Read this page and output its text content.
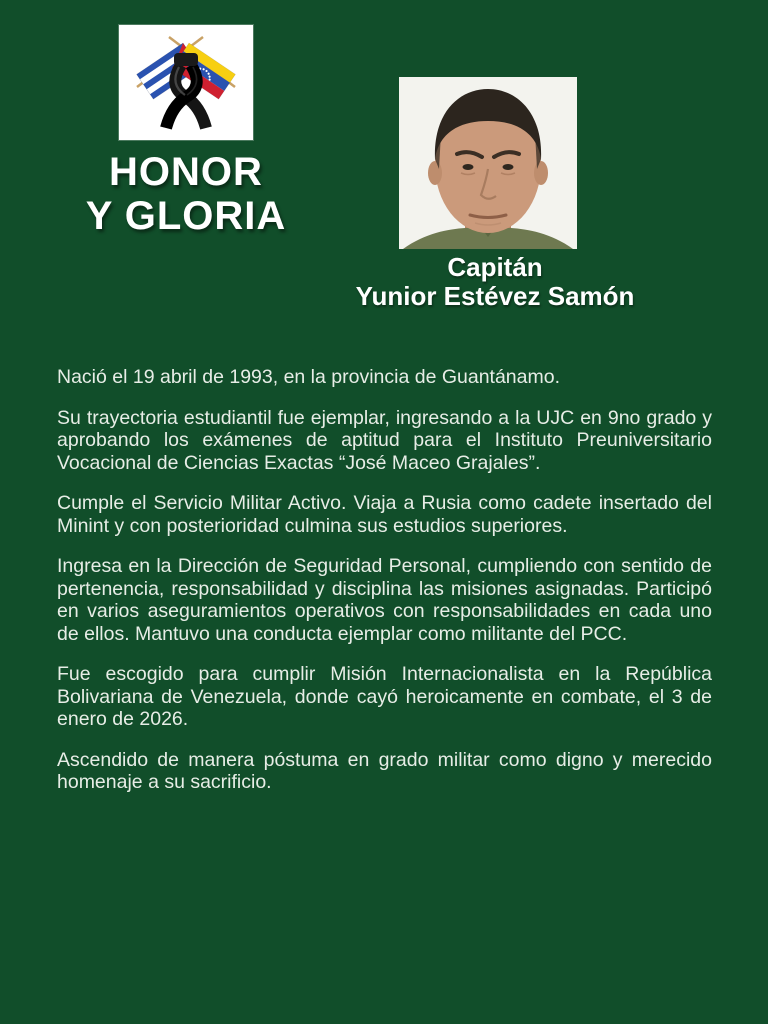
HONOR
Y GLORIA
Capitán
Yunior Estévez Samón

Nació el 19 abril de 1993, en la provincia de Guantánamo.

Su trayectoria estudiantil fue ejemplar, ingresando a la UJC en 9no grado y aprobando los exámenes de aptitud para el Instituto Preuniversitario Vocacional de Ciencias Exactas “José Maceo Grajales”.

Cumple el Servicio Militar Activo. Viaja a Rusia como cadete insertado del Minint y con posterioridad culmina sus estudios superiores.

Ingresa en la Dirección de Seguridad Personal, cumpliendo con sentido de pertenencia, responsabilidad y disciplina las misiones asignadas. Participó en varios aseguramientos operativos con responsabilidades en cada uno de ellos. Mantuvo una conducta ejemplar como militante del PCC.

Fue escogido para cumplir Misión Internacionalista en la República Bolivariana de Venezuela, donde cayó heroicamente en combate, el 3 de enero de 2026.

Ascendido de manera póstuma en grado militar como digno y merecido homenaje a su sacrificio.
